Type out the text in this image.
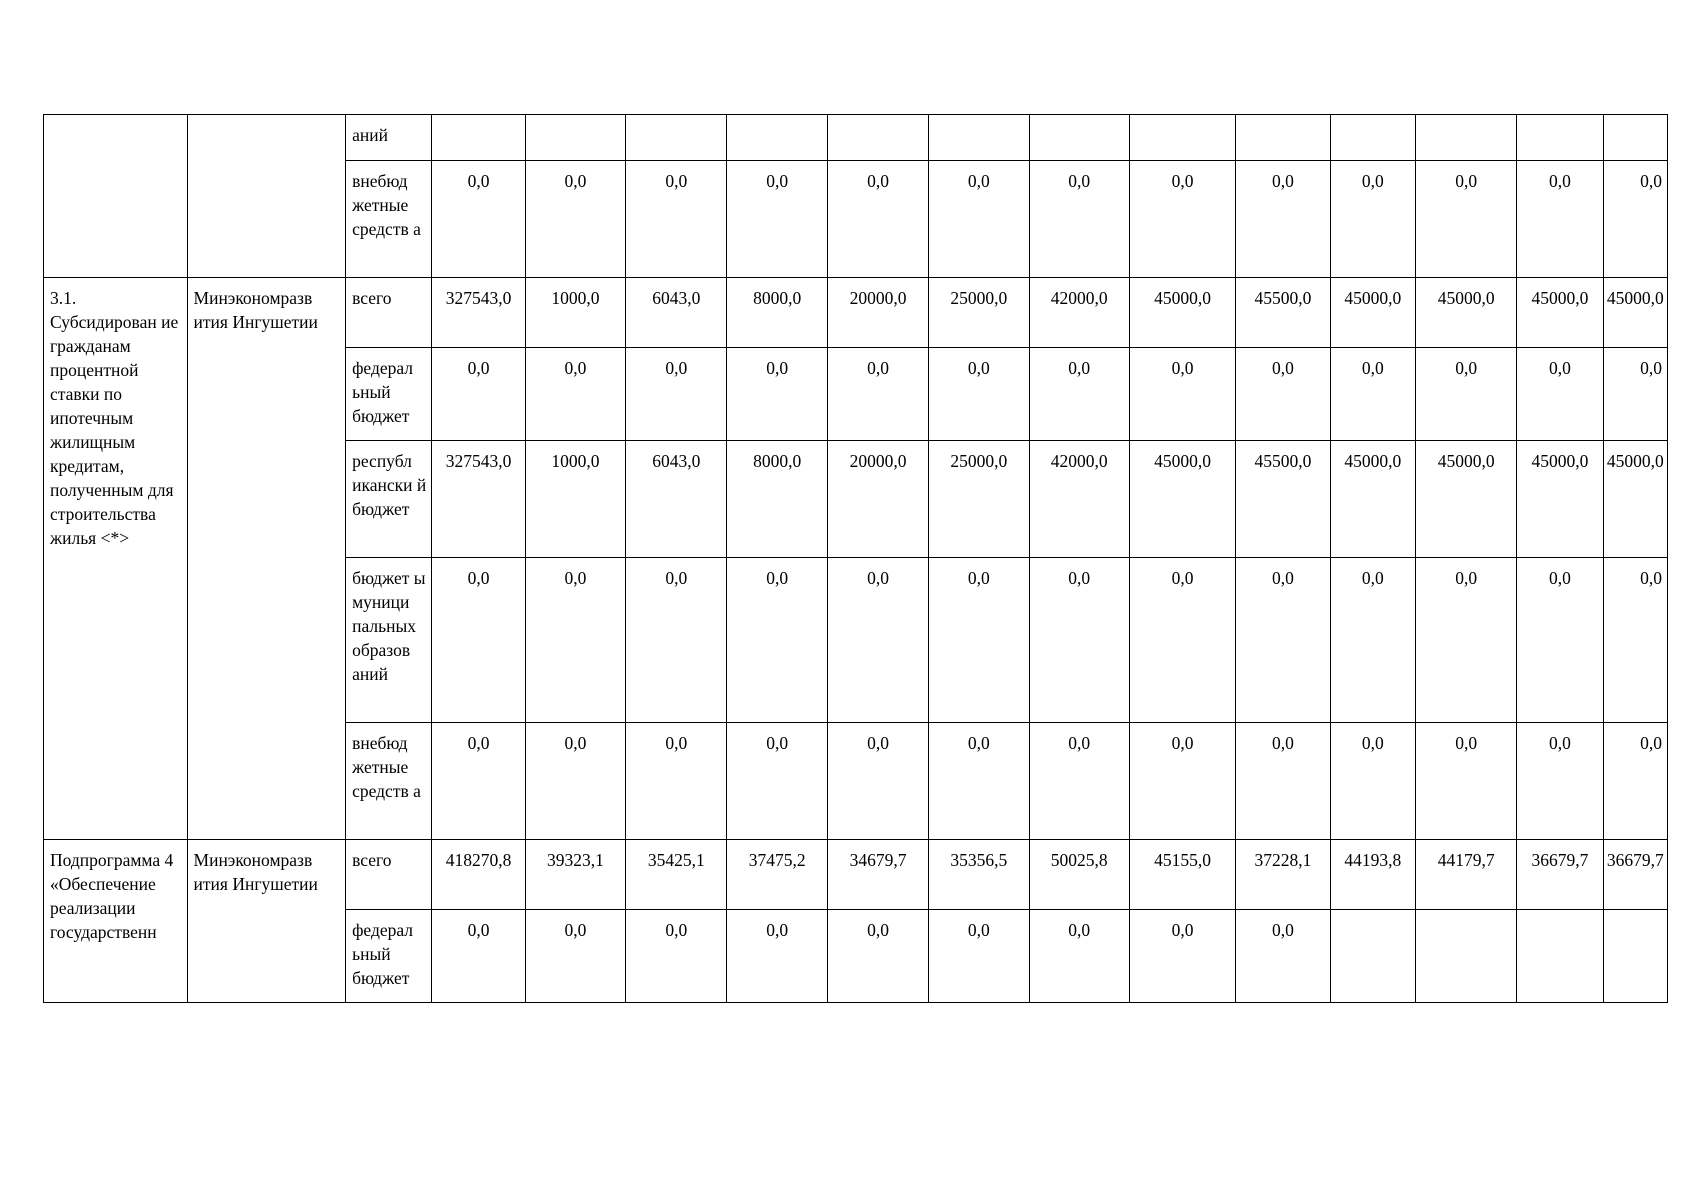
		аний													
		внебюд жетные средств а	0,0	0,0	0,0	0,0	0,0	0,0	0,0	0,0	0,0	0,0	0,0	0,0	0,0
3.1. Субсидирован ие гражданам процентной ставки по ипотечным жилищным кредитам, полученным для строительства жилья <*>	Минэкономразв ития Ингушетии	всего	327543,0	1000,0	6043,0	8000,0	20000,0	25000,0	42000,0	45000,0	45500,0	45000,0	45000,0	45000,0	45000,0
		федерал ьный бюджет	0,0	0,0	0,0	0,0	0,0	0,0	0,0	0,0	0,0	0,0	0,0	0,0	0,0
		республ икански й бюджет	327543,0	1000,0	6043,0	8000,0	20000,0	25000,0	42000,0	45000,0	45500,0	45000,0	45000,0	45000,0	45000,0
		бюджет ы муници пальных образов аний	0,0	0,0	0,0	0,0	0,0	0,0	0,0	0,0	0,0	0,0	0,0	0,0	0,0
		внебюд жетные средств а	0,0	0,0	0,0	0,0	0,0	0,0	0,0	0,0	0,0	0,0	0,0	0,0	0,0
Подпрограмма 4 «Обеспечение реализации государственн	Минэкономразв ития Ингушетии	всего	418270,8	39323,1	35425,1	37475,2	34679,7	35356,5	50025,8	45155,0	37228,1	44193,8	44179,7	36679,7	36679,7
		федерал ьный бюджет	0,0	0,0	0,0	0,0	0,0	0,0	0,0	0,0	0,0				
